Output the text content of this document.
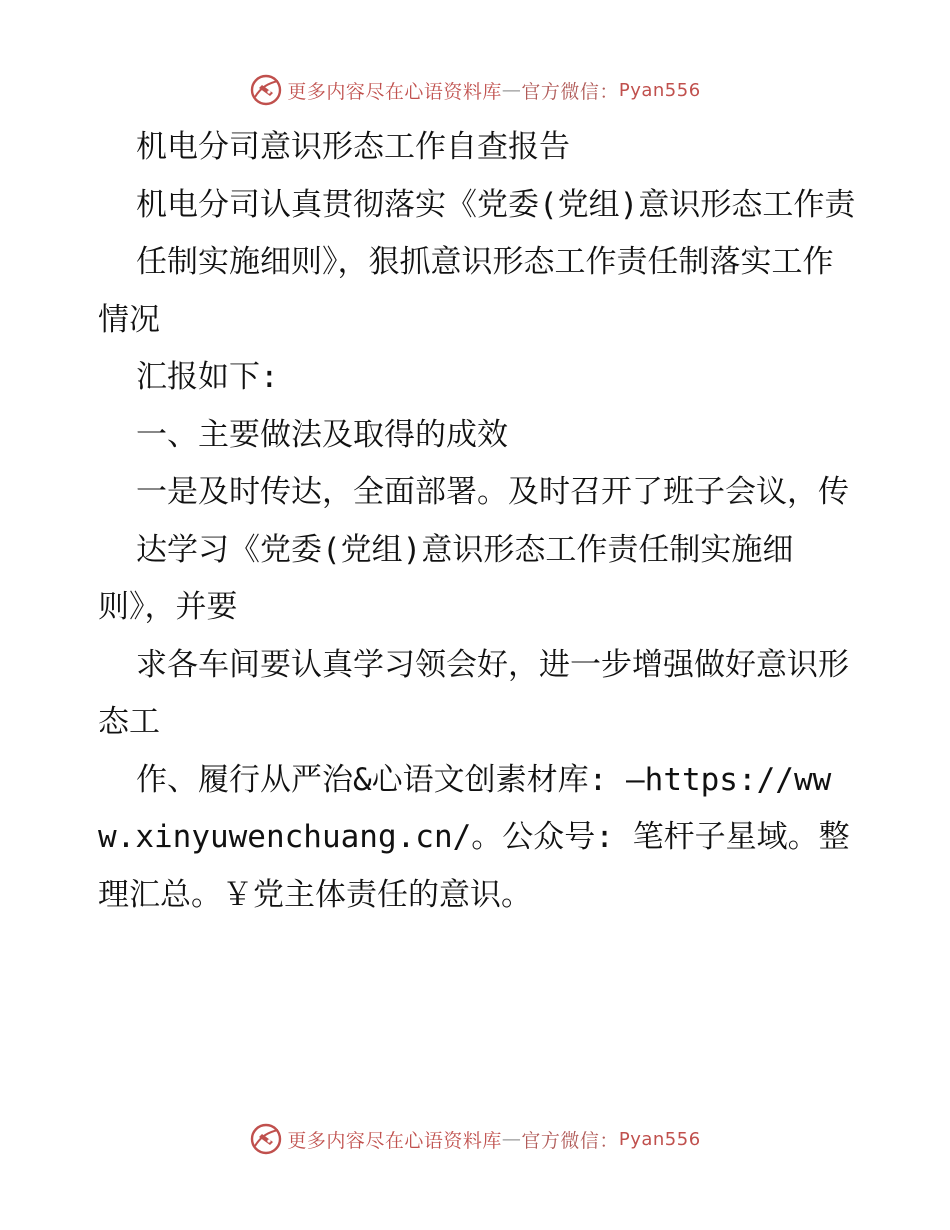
更多内容尽在心语资料库 — 官方微信： Pyan556

机电分司意识形态工作自查报告

机电分司认真贯彻落实《党委(党组)意识形态工作责

任制实施细则》，狠抓意识形态工作责任制落实工作情况

汇报如下:

一、主要做法及取得的成效

一是及时传达，全面部署。及时召开了班子会议，传

达学习《党委(党组)意识形态工作责任制实施细则》，并要

求各车间要认真学习领会好，进一步增强做好意识形态工

作、履行从严治&心语文创素材库: —https://www.xinyuwenchuang.cn/。公众号: 笔杆子星域。整理汇总。￥党主体责任的意识。

更多内容尽在心语资料库 — 官方微信： Pyan556
